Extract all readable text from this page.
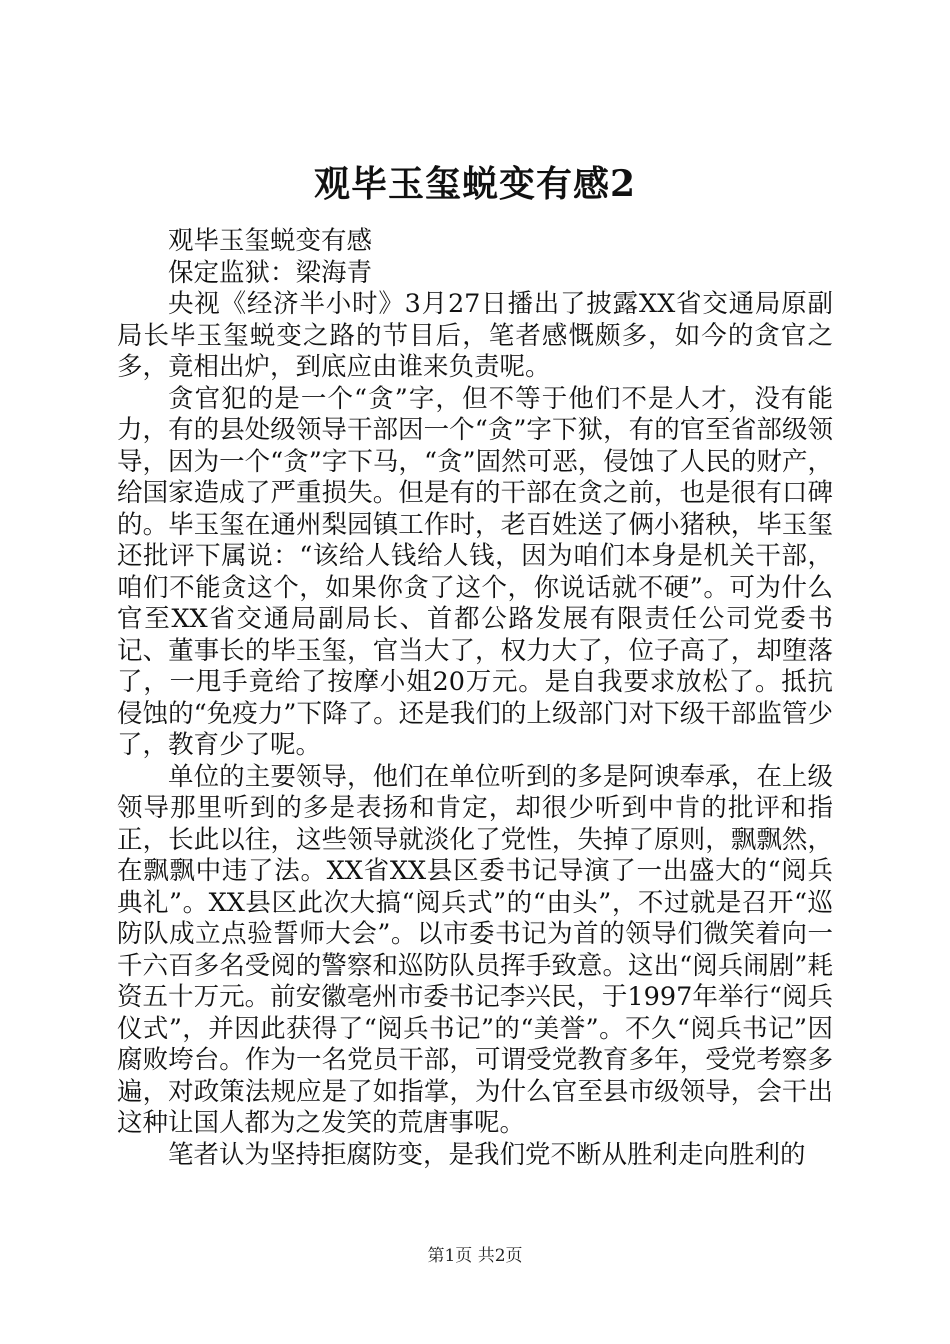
观毕玉玺蜕变有感2

观毕玉玺蜕变有感

保定监狱：梁海青

央视《经济半小时》3月27日播出了披露XX省交通局原副局长毕玉玺蜕变之路的节目后，笔者感慨颇多，如今的贪官之多，竟相出炉，到底应由谁来负责呢。

贪官犯的是一个“贪”字，但不等于他们不是人才，没有能力，有的县处级领导干部因一个“贪”字下狱，有的官至省部级领导，因为一个“贪”字下马，“贪”固然可恶，侵蚀了人民的财产，给国家造成了严重损失。但是有的干部在贪之前，也是很有口碑的。毕玉玺在通州梨园镇工作时，老百姓送了俩小猪秧，毕玉玺还批评下属说：“该给人钱给人钱，因为咱们本身是机关干部，咱们不能贪这个，如果你贪了这个，你说话就不硬”。可为什么官至XX省交通局副局长、首都公路发展有限责任公司党委书记、董事长的毕玉玺，官当大了，权力大了，位子高了，却堕落了，一甩手竟给了按摩小姐20万元。是自我要求放松了。抵抗侵蚀的“免疫力”下降了。还是我们的上级部门对下级干部监管少了，教育少了呢。

单位的主要领导，他们在单位听到的多是阿谀奉承，在上级领导那里听到的多是表扬和肯定，却很少听到中肯的批评和指正，长此以往，这些领导就淡化了党性，失掉了原则，飘飘然，在飘飘中违了法。XX省XX县区委书记导演了一出盛大的“阅兵典礼”。XX县区此次大搞“阅兵式”的“由头”，不过就是召开“巡防队成立点验誓师大会”。以市委书记为首的领导们微笑着向一千六百多名受阅的警察和巡防队员挥手致意。这出“阅兵闹剧”耗资五十万元。前安徽亳州市委书记李兴民，于1997年举行“阅兵仪式”，并因此获得了“阅兵书记”的“美誉”。不久“阅兵书记”因腐败垮台。作为一名党员干部，可谓受党教育多年，受党考察多遍，对政策法规应是了如指掌，为什么官至县市级领导，会干出这种让国人都为之发笑的荒唐事呢。

笔者认为坚持拒腐防变，是我们党不断从胜利走向胜利的

第1页 共2页
